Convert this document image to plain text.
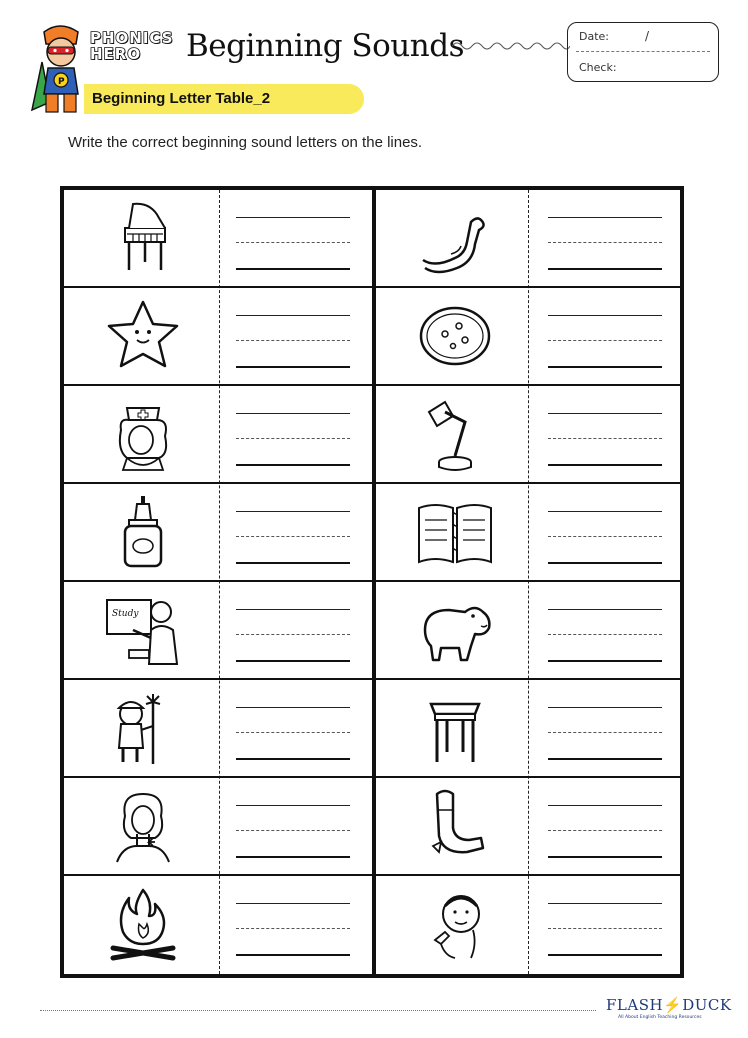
P
PHONICS
HERO	Beginning Sounds	Date:	/
Check:
Beginning Letter Table_2
Write the correct beginning sound letters on the lines.
Study
FLASH⚡DUCK
All About English Teaching Resources
